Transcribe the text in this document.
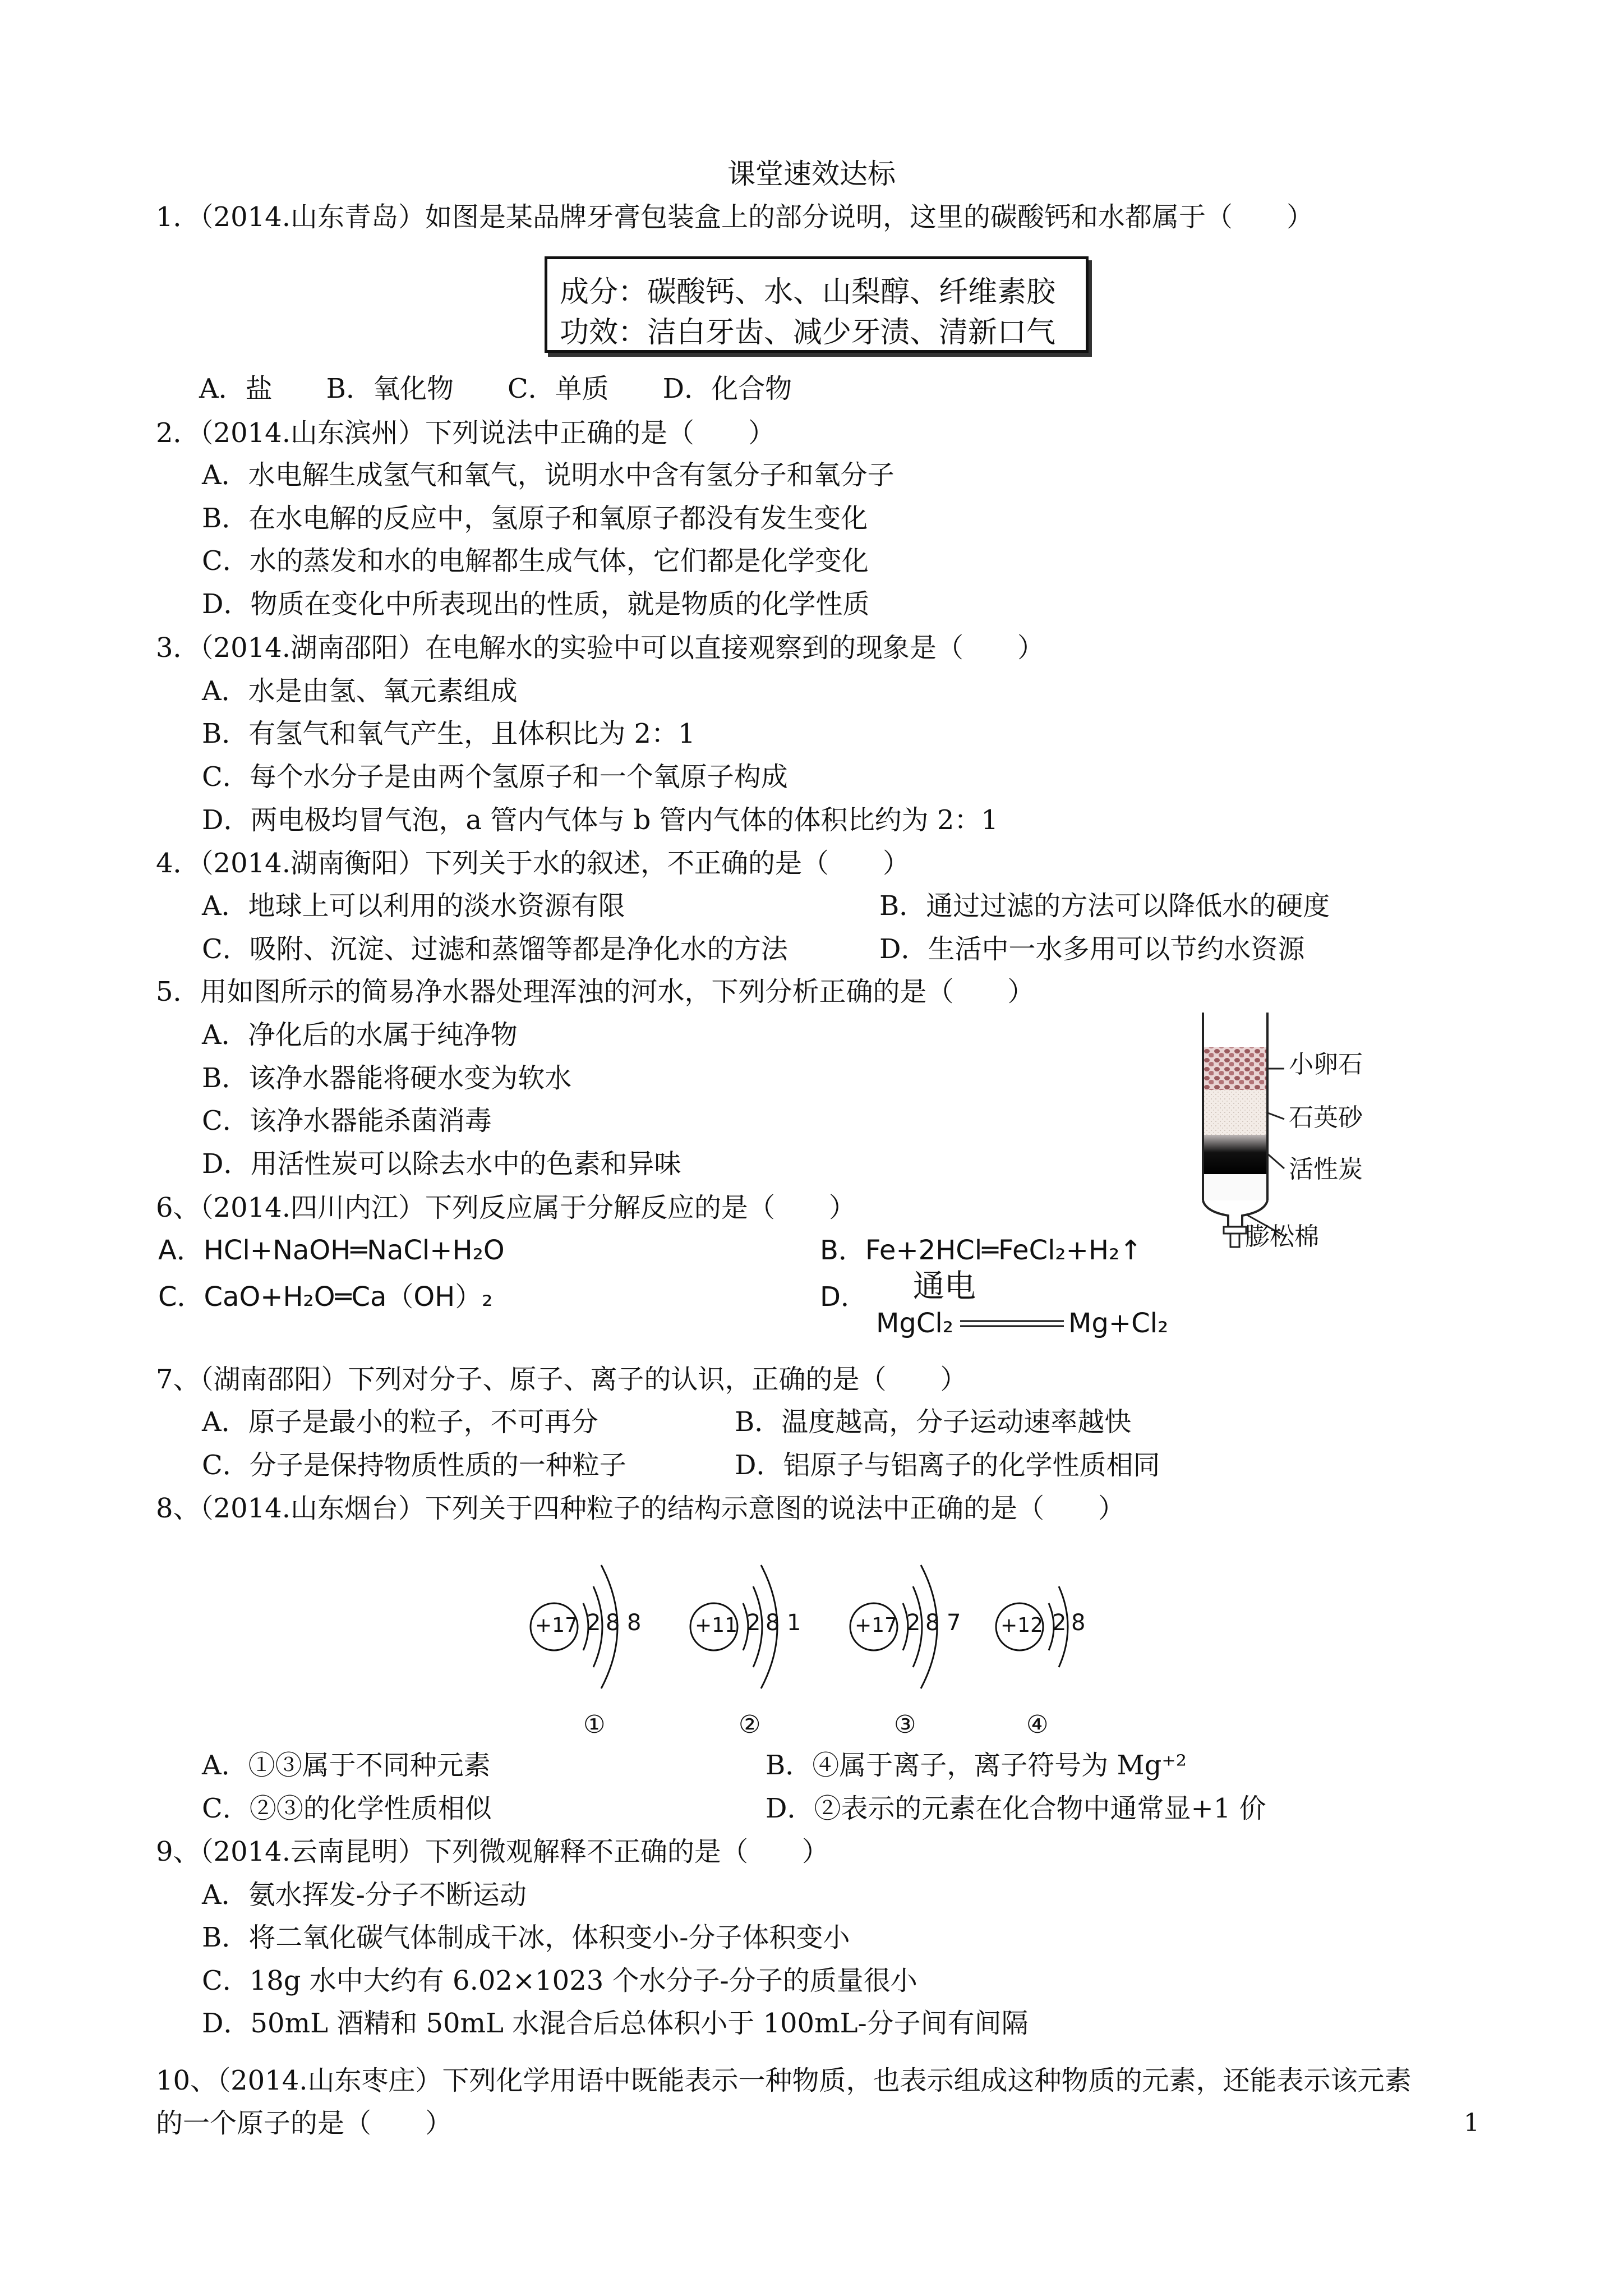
课堂速效达标
1．（2014.山东青岛）如图是某品牌牙膏包装盒上的部分说明，这里的碳酸钙和水都属于（　　）
成分：碳酸钙、水、山梨醇、纤维素胶
功效：洁白牙齿、减少牙渍、清新口气
A．盐　　B．氧化物　　C．单质　　D．化合物
2．（2014.山东滨州）下列说法中正确的是（　　）
A．水电解生成氢气和氧气，说明水中含有氢分子和氧分子
B．在水电解的反应中，氢原子和氧原子都没有发生变化
C．水的蒸发和水的电解都生成气体，它们都是化学变化
D．物质在变化中所表现出的性质，就是物质的化学性质
3．（2014.湖南邵阳）在电解水的实验中可以直接观察到的现象是（　　）
A．水是由氢、氧元素组成
B．有氢气和氧气产生，且体积比为 2：1
C．每个水分子是由两个氢原子和一个氧原子构成
D．两电极均冒气泡，a 管内气体与 b 管内气体的体积比约为 2：1
4．（2014.湖南衡阳）下列关于水的叙述，不正确的是（　　）
A．地球上可以利用的淡水资源有限	B．通过过滤的方法可以降低水的硬度
C．吸附、沉淀、过滤和蒸馏等都是净化水的方法	D．生活中一水多用可以节约水资源
5．用如图所示的简易净水器处理浑浊的河水，下列分析正确的是（　　）
A．净化后的水属于纯净物
B．该净水器能将硬水变为软水
C．该净水器能杀菌消毒
D．用活性炭可以除去水中的色素和异味
小卵石
石英砂
活性炭
膨松棉
6、（2014.四川内江）下列反应属于分解反应的是（　　）
A．HCl+NaOH═NaCl+H₂O	B．Fe+2HCl═FeCl₂+H₂↑
C．CaO+H₂O═Ca（OH）₂	D． 通电
MgCl₂	Mg+Cl₂
7、（湖南邵阳）下列对分子、原子、离子的认识，正确的是（　　）
A．原子是最小的粒子，不可再分	B．温度越高，分子运动速率越快
C．分子是保持物质性质的一种粒子	D．铝原子与铝离子的化学性质相同
8、（2014.山东烟台）下列关于四种粒子的结构示意图的说法中正确的是（　　）
+17 2 8 8
①
+11 2 8 1
②
+17 2 8 7
③
+12 2 8
④
A．①③属于不同种元素	B．④属于离子，离子符号为 Mg⁺²
C．②③的化学性质相似	D．②表示的元素在化合物中通常显+1 价
9、（2014.云南昆明）下列微观解释不正确的是（　　）
A．氨水挥发-分子不断运动
B．将二氧化碳气体制成干冰，体积变小-分子体积变小
C．18g 水中大约有 6.02×1023 个水分子-分子的质量很小
D．50mL 酒精和 50mL 水混合后总体积小于 100mL-分子间有间隔
10、（2014.山东枣庄）下列化学用语中既能表示一种物质，也表示组成这种物质的元素，还能表示该元素
的一个原子的是（　　）	1
